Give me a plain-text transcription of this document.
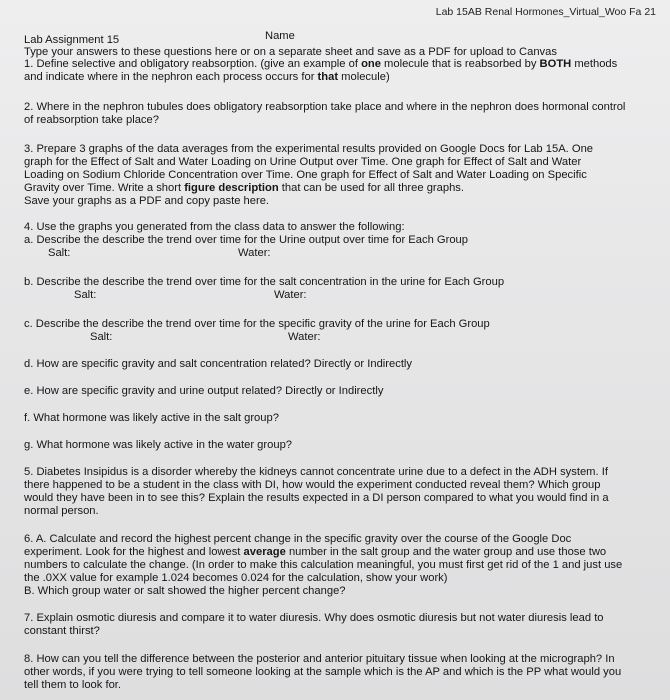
Lab 15AB Renal Hormones_Virtual_Woo Fa 21
Lab Assignment 15	Name
Type your answers to these questions here or on a separate sheet and save as a PDF for upload to Canvas
1. Define selective and obligatory reabsorption. (give an example of one molecule that is reabsorbed by BOTH methods
and indicate where in the nephron each process occurs for that molecule)
2. Where in the nephron tubules does obligatory reabsorption take place and where in the nephron does hormonal control
of reabsorption take place?
3. Prepare 3 graphs of the data averages from the experimental results provided on Google Docs for Lab 15A. One
graph for the Effect of Salt and Water Loading on Urine Output over Time. One graph for Effect of Salt and Water
Loading on Sodium Chloride Concentration over Time. One graph for Effect of Salt and Water Loading on Specific
Gravity over Time. Write a short figure description that can be used for all three graphs.
Save your graphs as a PDF and copy paste here.
4. Use the graphs you generated from the class data to answer the following:
a. Describe the describe the trend over time for the Urine output over time for Each Group
Salt:	Water:
b. Describe the describe the trend over time for the salt concentration in the urine for Each Group
Salt:	Water:
c. Describe the describe the trend over time for the specific gravity of the urine for Each Group
Salt:	Water:
d. How are specific gravity and salt concentration related? Directly or Indirectly
e. How are specific gravity and urine output related? Directly or Indirectly
f. What hormone was likely active in the salt group?
g. What hormone was likely active in the water group?
5. Diabetes Insipidus is a disorder whereby the kidneys cannot concentrate urine due to a defect in the ADH system. If
there happened to be a student in the class with DI, how would the experiment conducted reveal them? Which group
would they have been in to see this? Explain the results expected in a DI person compared to what you would find in a
normal person.
6. A. Calculate and record the highest percent change in the specific gravity over the course of the Google Doc
experiment. Look for the highest and lowest average number in the salt group and the water group and use those two
numbers to calculate the change. (In order to make this calculation meaningful, you must first get rid of the 1 and just use
the .0XX value for example 1.024 becomes 0.024 for the calculation, show your work)
B. Which group water or salt showed the higher percent change?
7. Explain osmotic diuresis and compare it to water diuresis. Why does osmotic diuresis but not water diuresis lead to
constant thirst?
8. How can you tell the difference between the posterior and anterior pituitary tissue when looking at the micrograph? In
other words, if you were trying to tell someone looking at the sample which is the AP and which is the PP what would you
tell them to look for.
